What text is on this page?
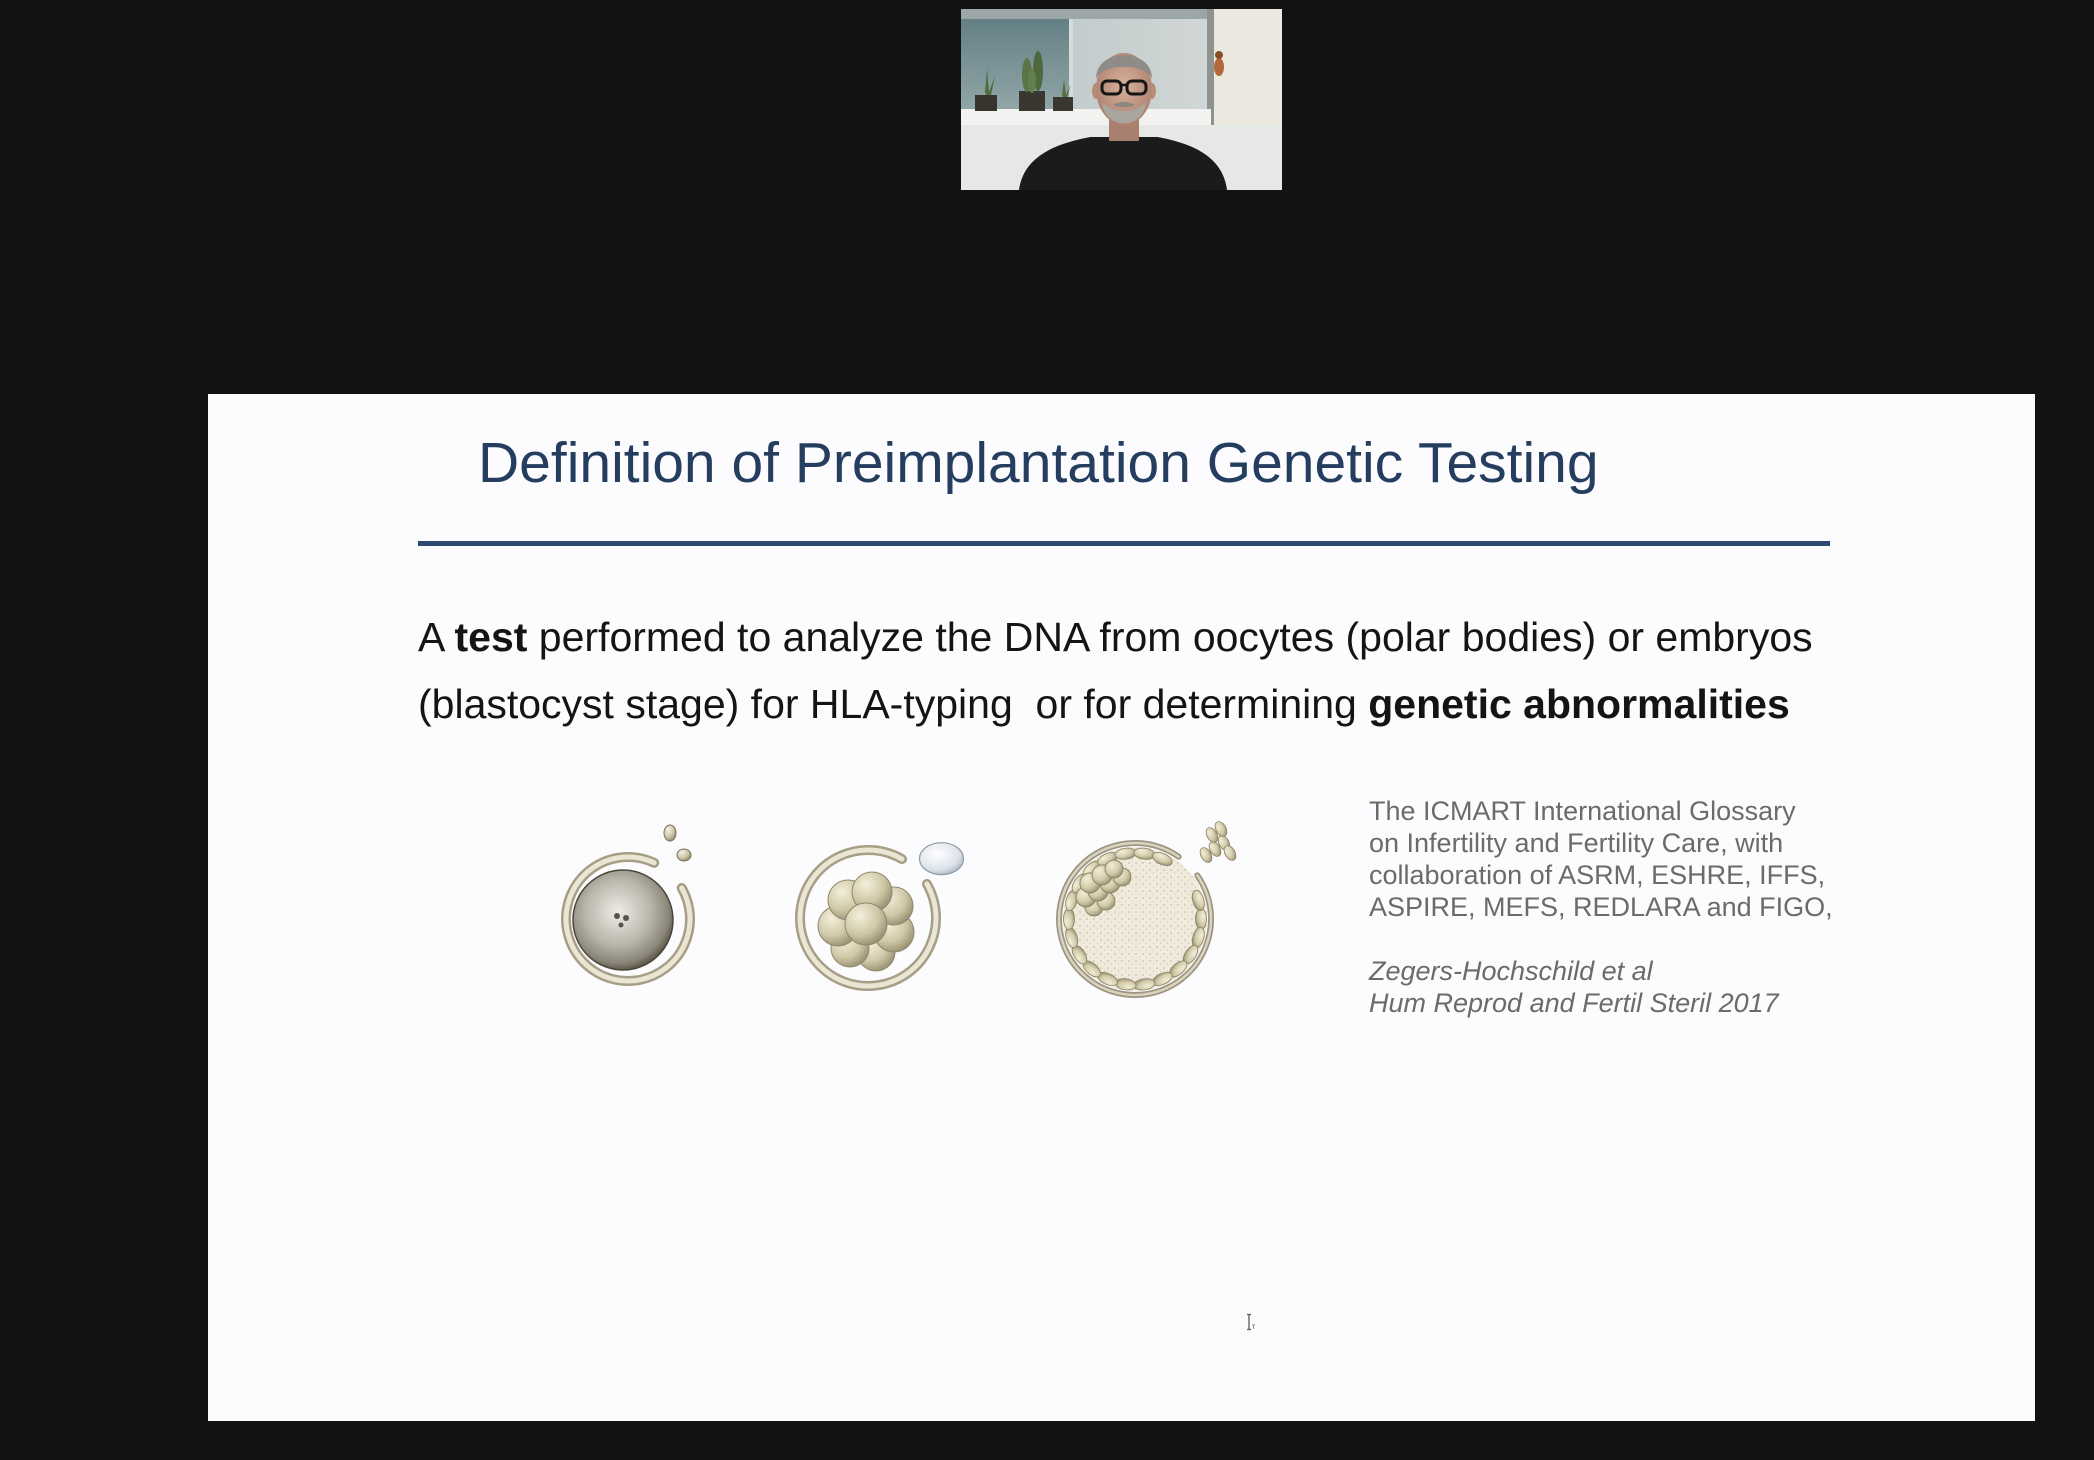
Definition of Preimplantation Genetic Testing
A test performed to analyze the DNA from oocytes (polar bodies) or embryos
(blastocyst stage) for HLA-typing  or for determining genetic abnormalities
The ICMART International Glossary
on Infertility and Fertility Care, with
collaboration of ASRM, ESHRE, IFFS,
ASPIRE, MEFS, REDLARA and FIGO,
Zegers-Hochschild et al
Hum Reprod and Fertil Steril 2017
